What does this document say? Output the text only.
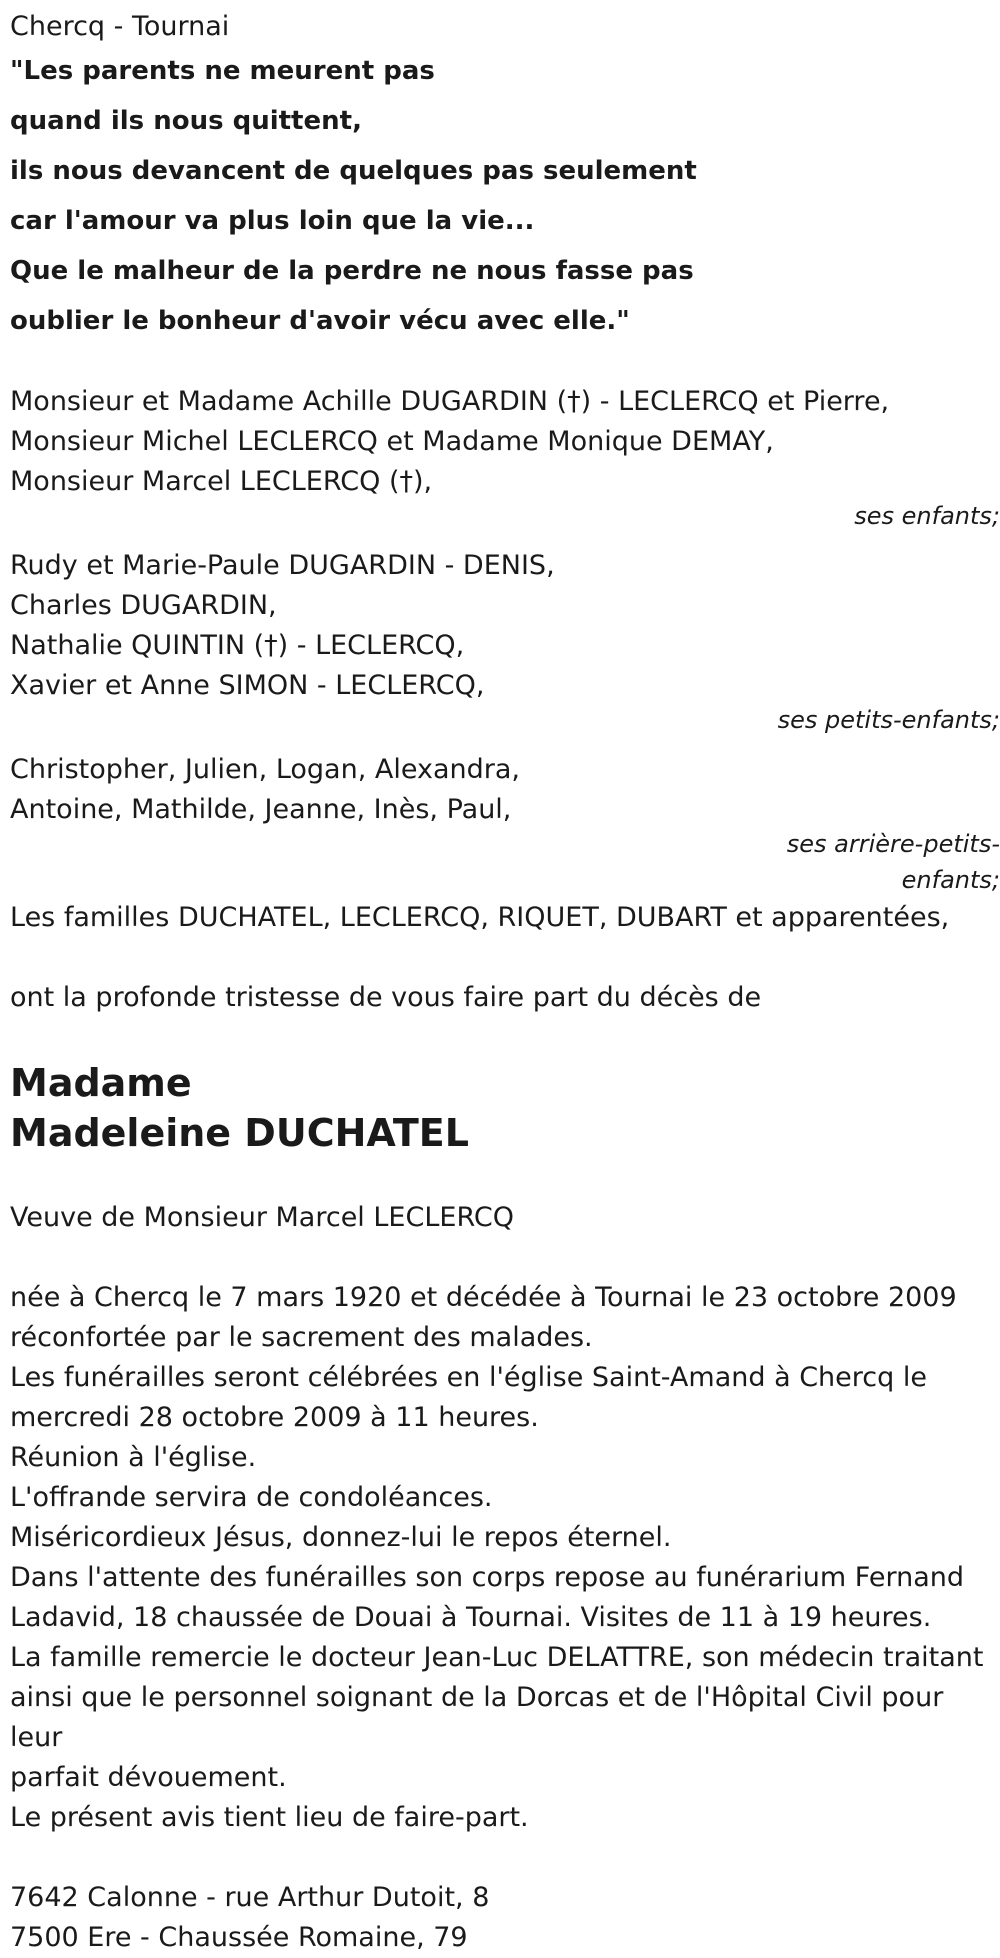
Chercq - Tournai
"Les parents ne meurent pas
quand ils nous quittent,
ils nous devancent de quelques pas seulement
car l'amour va plus loin que la vie...
Que le malheur de la perdre ne nous fasse pas
oublier le bonheur d'avoir vécu avec elle."
Monsieur et Madame Achille DUGARDIN (†) - LECLERCQ et Pierre,
Monsieur Michel LECLERCQ et Madame Monique DEMAY,
Monsieur Marcel LECLERCQ (†),
ses enfants;
Rudy et Marie-Paule DUGARDIN - DENIS,
Charles DUGARDIN,
Nathalie QUINTIN (†) - LECLERCQ,
Xavier et Anne SIMON - LECLERCQ,
ses petits-enfants;
Christopher, Julien, Logan, Alexandra,
Antoine, Mathilde, Jeanne, Inès, Paul,
ses arrière-petits-
enfants;
Les familles DUCHATEL, LECLERCQ, RIQUET, DUBART et apparentées,
ont la profonde tristesse de vous faire part du décès de
Madame
Madeleine DUCHATEL
Veuve de Monsieur Marcel LECLERCQ
née à Chercq le 7 mars 1920 et décédée à Tournai le 23 octobre 2009
réconfortée par le sacrement des malades.
Les funérailles seront célébrées en l'église Saint-Amand à Chercq le
mercredi 28 octobre 2009 à 11 heures.
Réunion à l'église.
L'offrande servira de condoléances.
Miséricordieux Jésus, donnez-lui le repos éternel.
Dans l'attente des funérailles son corps repose au funérarium Fernand
Ladavid, 18 chaussée de Douai à Tournai. Visites de 11 à 19 heures.
La famille remercie le docteur Jean-Luc DELATTRE, son médecin traitant
ainsi que le personnel soignant de la Dorcas et de l'Hôpital Civil pour leur
parfait dévouement.
Le présent avis tient lieu de faire-part.
7642 Calonne - rue Arthur Dutoit, 8
7500 Ere - Chaussée Romaine, 79
